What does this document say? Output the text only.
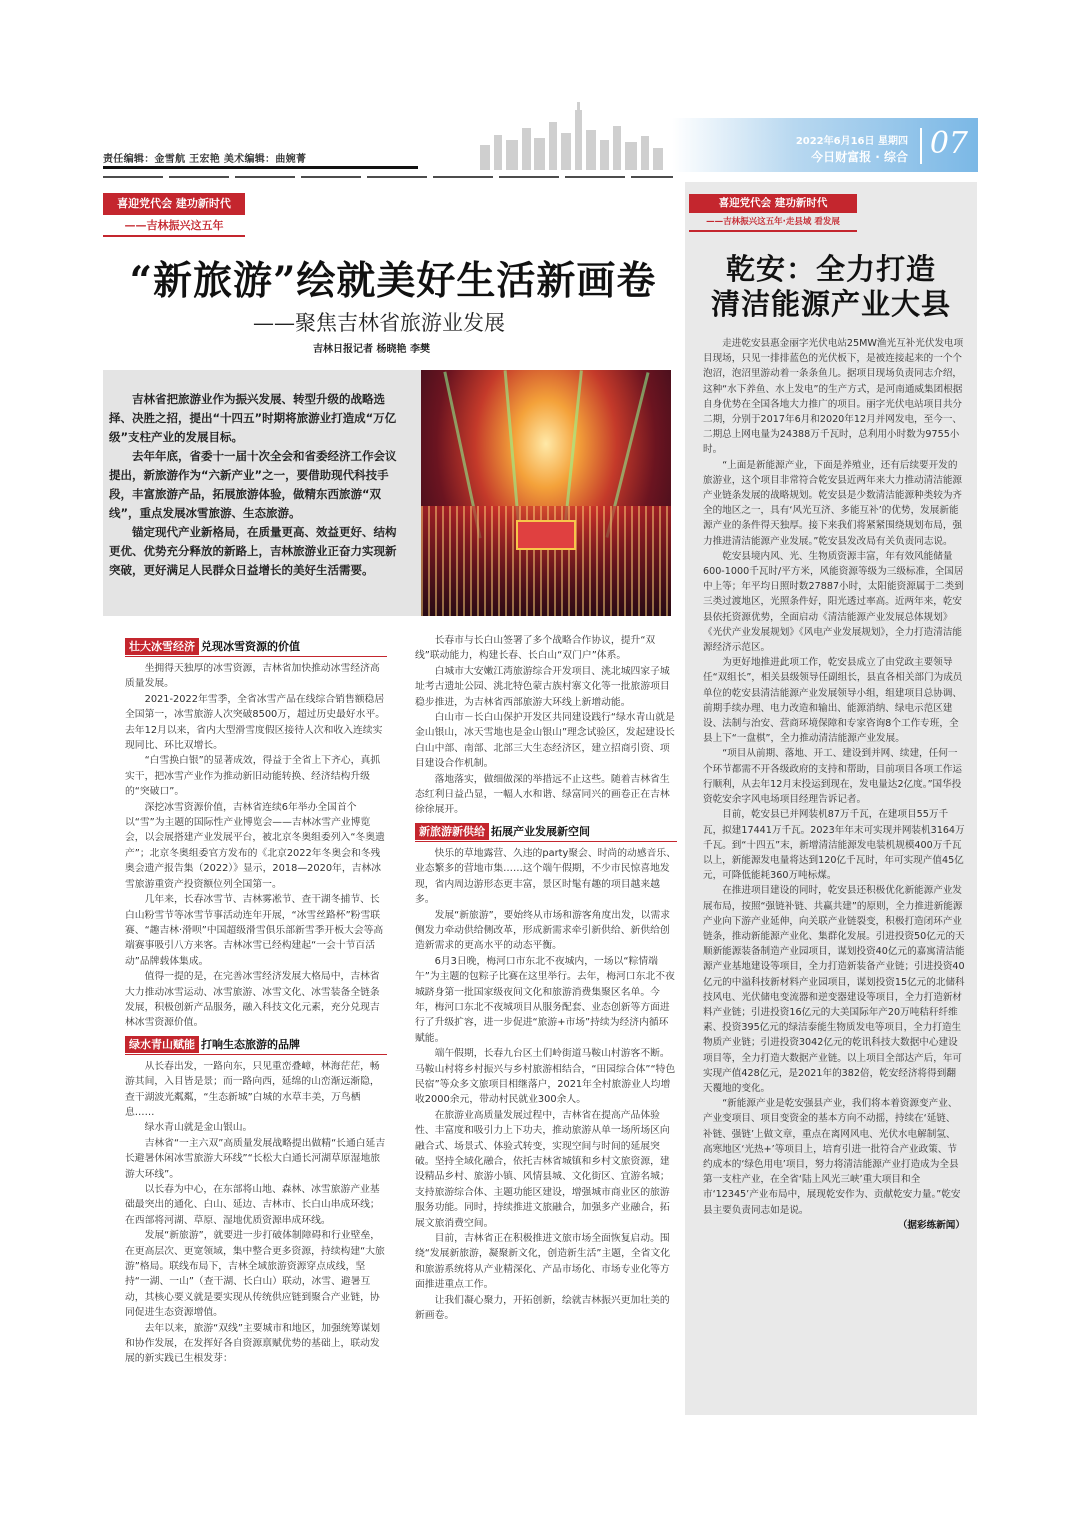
责任编辑：金雪航 王宏艳 美术编辑：曲婉菁
2022年6月16日 星期四
今日财富报 · 综合 07
喜迎党代会 建功新时代
——吉林振兴这五年
“新旅游”绘就美好生活新画卷
——聚焦吉林省旅游业发展
吉林日报记者 杨晓艳 李樊

吉林省把旅游业作为振兴发展、转型升级的战略选择、决胜之招，提出“十四五”时期将旅游业打造成“万亿级”支柱产业的发展目标。

去年年底，省委十一届十次全会和省委经济工作会议提出，新旅游作为“六新产业”之一，要借助现代科技手段，丰富旅游产品，拓展旅游体验，做精东西旅游“双线”，重点发展冰雪旅游、生态旅游。

锚定现代产业新格局，在质量更高、效益更好、结构更优、优势充分释放的新路上，吉林旅游业正奋力实现新突破，更好满足人民群众日益增长的美好生活需要。

壮大冰雪经济 兑现冰雪资源的价值

坐拥得天独厚的冰雪资源，吉林省加快推动冰雪经济高质量发展。

2021-2022年雪季，全省冰雪产品在线综合销售额稳居全国第一，冰雪旅游人次突破8500万，超过历史最好水平。去年12月以来，省内大型滑雪度假区接待人次和收入连续实现同比、环比双增长。

“白雪换白银”的显著成效，得益于全省上下齐心，真抓实干，把冰雪产业作为推动新旧动能转换、经济结构升级的“突破口”。

深挖冰雪资源价值，吉林省连续6年举办全国首个以“雪”为主题的国际性产业博览会——吉林冰雪产业博览会，以会展搭建产业发展平台，被北京冬奥组委列入“冬奥遗产”；北京冬奥组委官方发布的《北京2022年冬奥会和冬残奥会遗产报告集（2022）》显示，2018—2020年，吉林冰雪旅游重资产投资额位列全国第一。

几年来，长春冰雪节、吉林雾凇节、查干湖冬捕节、长白山粉雪节等冰雪节事活动连年开展，“冰雪丝路杯”粉雪联赛、“趣吉林·滑呗”中国超级滑雪俱乐部新雪季开板大会等高端赛事吸引八方来客。吉林冰雪已经构建起“一会十节百活动”品牌载体集成。

值得一提的是，在完善冰雪经济发展大格局中，吉林省大力推动冰雪运动、冰雪旅游、冰雪文化、冰雪装备全链条发展，积极创新产品服务，融入科技文化元素，充分兑现吉林冰雪资源价值。

绿水青山赋能 打响生态旅游的品牌

从长春出发，一路向东，只见重峦叠嶂，林海茫茫，畅游其间，入目皆是景；而一路向西，延绵的山峦渐远渐隐，查干湖波光粼粼，“生态新城”白城的水草丰美，万鸟栖息……

绿水青山就是金山银山。

吉林省“一主六双”高质量发展战略提出做精“长通白延吉长避暑休闲冰雪旅游大环线”“长松大白通长河湖草原湿地旅游大环线”。

以长春为中心，在东部将山地、森林、冰雪旅游产业基础最突出的通化、白山、延边、吉林市、长白山串成环线；在西部将河湖、草原、湿地优质资源串成环线。

发展“新旅游”，就要进一步打破体制障碍和行业壁垒，在更高层次、更宽领域，集中整合更多资源，持续构建“大旅游”格局。联线布局下，吉林全域旅游资源穿点成线，坚持“一湖、一山”（查干湖、长白山）联动，冰雪、避暑互动，其核心要义就是要实现从传统供应链到聚合产业链，协同促进生态资源增值。

去年以来，旅游“双线”主要城市和地区，加强统筹谋划和协作发展，在发挥好各自资源禀赋优势的基础上，联动发展的新实践已生根发芽：

长春市与长白山签署了多个战略合作协议，提升“双线”联动能力，构建长春、长白山“双门户”体系。

白城市大安嫩江湾旅游综合开发项目、洮北城四家子城址考古遗址公园、洮北特色蒙古族村寨文化等一批旅游项目稳步推进，为吉林省西部旅游大环线上新增动能。

白山市－长白山保护开发区共同建设践行“绿水青山就是金山银山，冰天雪地也是金山银山”理念试验区，发起建设长白山中部、南部、北部三大生态经济区，建立招商引资、项目建设合作机制。

落地落实，做细做深的举措远不止这些。随着吉林省生态红利日益凸显，一幅人水和谐、绿富同兴的画卷正在吉林徐徐展开。

新旅游新供给 拓展产业发展新空间

快乐的草地露营、久违的party聚会、时尚的动感音乐、业态繁多的营地市集……这个端午假期，不少市民惊喜地发现，省内周边游形态更丰富，景区时髦有趣的项目越来越多。

发展“新旅游”，要始终从市场和游客角度出发，以需求侧发力牵动供给侧改革，形成新需求牵引新供给、新供给创造新需求的更高水平的动态平衡。

6月3日晚，梅河口市东北不夜城内，一场以“粽情端午”为主题的包粽子比赛在这里举行。去年，梅河口东北不夜城跻身第一批国家级夜间文化和旅游消费集聚区名单。今年，梅河口东北不夜城项目从服务配套、业态创新等方面进行了升级扩容，进一步促进“旅游+市场”持续为经济内循环赋能。

端午假期，长春九台区土们岭街道马鞍山村游客不断。马鞍山村将乡村振兴与乡村旅游相结合，“田园综合体”“特色民宿”等众多文旅项目相继落户，2021年全村旅游业人均增收2000余元，带动村民就业300余人。

在旅游业高质量发展过程中，吉林省在提高产品体验性、丰富度和吸引力上下功夫，推动旅游从单一场所场区向融合式、场景式、体验式转变，实现空间与时间的延展突破。坚持全域化融合，依托吉林省城镇和乡村文旅资源，建设精品乡村、旅游小镇、风情县城、文化街区、宜游名城；支持旅游综合体、主题功能区建设，增强城市商业区的旅游服务功能。同时，持续推进文旅融合，加强多产业融合，拓展文旅消费空间。

目前，吉林省正在积极推进文旅市场全面恢复启动。围绕“发展新旅游，凝聚新文化，创造新生活”主题，全省文化和旅游系统将从产业精深化、产品市场化、市场专业化等方面推进重点工作。

让我们凝心聚力，开拓创新，绘就吉林振兴更加壮美的新画卷。

喜迎党代会 建功新时代
——吉林振兴这五年·走县域 看发展
乾安：全力打造
清洁能源产业大县

走进乾安县惠金丽字光伏电站25MW渔光互补光伏发电项目现场，只见一排排蓝色的光伏板下，是被连接起来的一个个泡沼，泡沼里游动着一条条鱼儿。据项目现场负责同志介绍，这种“水下养鱼、水上发电”的生产方式，是河南通威集团根据自身优势在全国各地大力推广的项目。丽字光伏电站项目共分二期，分别于2017年6月和2020年12月并网发电，至今一、二期总上网电量为24388万千瓦时，总利用小时数为9755小时。

“上面是新能源产业，下面是养殖业，还有后续要开发的旅游业，这个项目非常符合乾安县近两年来大力推动清洁能源产业链条发展的战略规划。乾安县是少数清洁能源种类较为齐全的地区之一，具有‘风光互济、多能互补’的优势，发展新能源产业的条件得天独厚。接下来我们将紧紧围绕规划布局，强力推进清洁能源产业发展。”乾安县发改局有关负责同志说。

乾安县境内风、光、生物质资源丰富，年有效风能储量600-1000千瓦时/平方米，风能资源等级为三级标准，全国居中上等；年平均日照时数27887小时，太阳能资源属于二类到三类过渡地区，光照条件好，阳光透过率高。近两年来，乾安县依托资源优势，全面启动《清洁能源产业发展总体规划》《光伏产业发展规划》《风电产业发展规划》，全力打造清洁能源经济示范区。

为更好地推进此项工作，乾安县成立了由党政主要领导任“双组长”，相关县级领导任副组长，县直各相关部门为成员单位的乾安县清洁能源产业发展领导小组，组建项目总协调、前期手续办理、电力改造和输出、能源消纳、绿电示范区建设、法制与治安、营商环境保障和专家咨询8个工作专班，全县上下“一盘棋”，全力推动清洁能源产业发展。

“项目从前期、落地、开工、建设到并网、续建，任何一个环节都需不开各级政府的支持和帮助，目前项目各项工作运行顺利，从去年12月末投运到现在，发电量达2亿度。”国华投资乾安余字风电场项目经理告诉记者。

目前，乾安县已并网装机87万千瓦，在建项目55万千瓦，拟建17441万千瓦。2023年年末可实现并网装机3164万千瓦。到“十四五”末，新增清洁能源发电装机规模400万千瓦以上，新能源发电量将达到120亿千瓦时，年可实现产值45亿元，可降低能耗360万吨标煤。

在推进项目建设的同时，乾安县还积极优化新能源产业发展布局，按照“强链补链、共赢共建”的原则，全力推进新能源产业向下游产业延伸，向关联产业链裂变，积极打造闭环产业链条，推动新能源产业化、集群化发展。引进投资50亿元的天顺新能源装备制造产业园项目，谋划投资40亿元的嘉寓清洁能源产业基地建设等项目，全力打造新装备产业链；引进投资40亿元的中溢科技新材料产业园项目，谋划投资15亿元的北储科技风电、光伏储电变流器和逆变器建设等项目，全力打造新材料产业链；引进投资16亿元的大美国际年产20万吨秸秆纤维素、投资395亿元的绿洁泰能生物质发电等项目，全力打造生物质产业链；引进投资3042亿元的乾讯科技大数据中心建设项目等，全力打造大数据产业链。以上项目全部达产后，年可实现产值428亿元，是2021年的382倍，乾安经济将得到翻天覆地的变化。

“新能源产业是乾安强县产业，我们将本着资源变产业、产业变项目、项目变资金的基本方向不动摇，持续在‘延链、补链、强链’上做文章，重点在离网风电、光伏水电解制氢、高寒地区‘光热+’等项目上，培育引进一批符合产业政策、节约成本的‘绿色用电’项目，努力将清洁能源产业打造成为全县第一支柱产业，在全省‘陆上风光三峡’重大项目和全市‘12345’产业布局中，展现乾安作为、贡献乾安力量。”乾安县主要负责同志如是说。

（据彩练新闻）
